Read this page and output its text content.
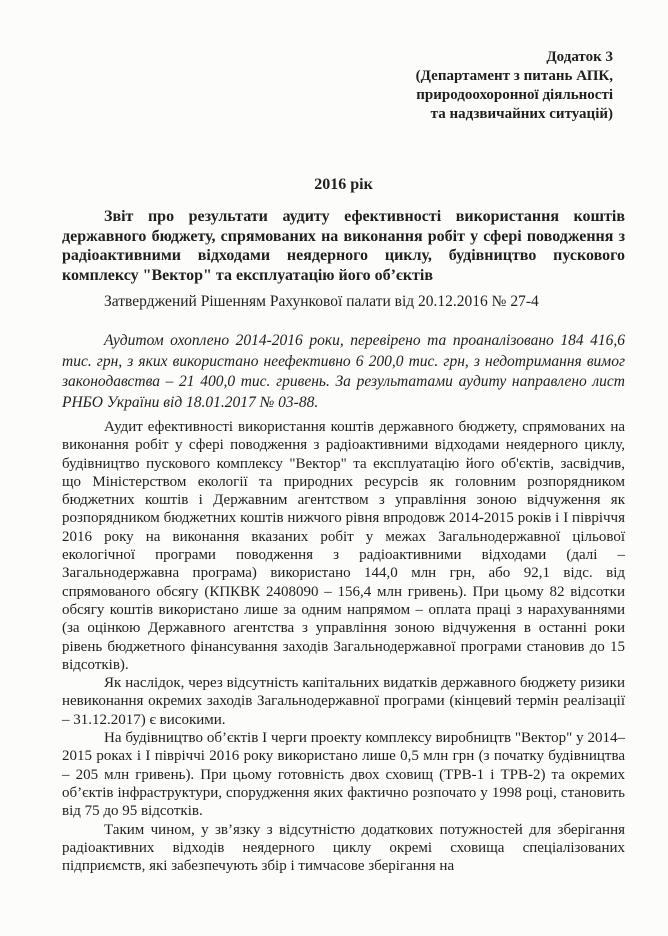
Додаток 3
(Департамент з питань АПК,
природоохоронної діяльності
та надзвичайних ситуацій)
2016 рік

Звіт про результати аудиту ефективності використання коштів державного бюджету, спрямованих на виконання робіт у сфері поводження з радіоактивними відходами неядерного циклу, будівництво пускового комплексу "Вектор" та експлуатацію його об’єктів

Затверджений Рішенням Рахункової палати від 20.12.2016 № 27-4

Аудитом охоплено 2014-2016 роки, перевірено та проаналізовано 184 416,6 тис. грн, з яких використано неефективно 6 200,0 тис. грн, з недотримання вимог законодавства – 21 400,0 тис. гривень. За результатами аудиту направлено лист РНБО України від 18.01.2017 № 03-88.

Аудит ефективності використання коштів державного бюджету, спрямованих на виконання робіт у сфері поводження з радіоактивними відходами неядерного циклу, будівництво пускового комплексу "Вектор" та експлуатацію його об'єктів, засвідчив, що Міністерством екології та природних ресурсів як головним розпорядником бюджетних коштів і Державним агентством з управління зоною відчуження як розпорядником бюджетних коштів нижчого рівня впродовж 2014-2015 років і І півріччя 2016 року на виконання вказаних робіт у межах Загальнодержавної цільової екологічної програми поводження з радіоактивними відходами (далі – Загальнодержавна програма) використано 144,0 млн грн, або 92,1 відс. від спрямованого обсягу (КПКВК 2408090 – 156,4 млн гривень). При цьому 82 відсотки обсягу коштів використано лише за одним напрямом – оплата праці з нарахуваннями (за оцінкою Державного агентства з управління зоною відчуження в останні роки рівень бюджетного фінансування заходів Загальнодержавної програми становив до 15 відсотків).

Як наслідок, через відсутність капітальних видатків державного бюджету ризики невиконання окремих заходів Загальнодержавної програми (кінцевий термін реалізації – 31.12.2017) є високими.

На будівництво об’єктів І черги проекту комплексу виробництв "Вектор" у 2014–2015 роках і І півріччі 2016 року використано лише 0,5 млн грн (з початку будівництва – 205 млн гривень). При цьому готовність двох сховищ (ТРВ-1 і ТРВ-2) та окремих об’єктів інфраструктури, спорудження яких фактично розпочато у 1998 році, становить від 75 до 95 відсотків.

Таким чином, у зв’язку з відсутністю додаткових потужностей для зберігання радіоактивних відходів неядерного циклу окремі сховища спеціалізованих підприємств, які забезпечують збір і тимчасове зберігання на
